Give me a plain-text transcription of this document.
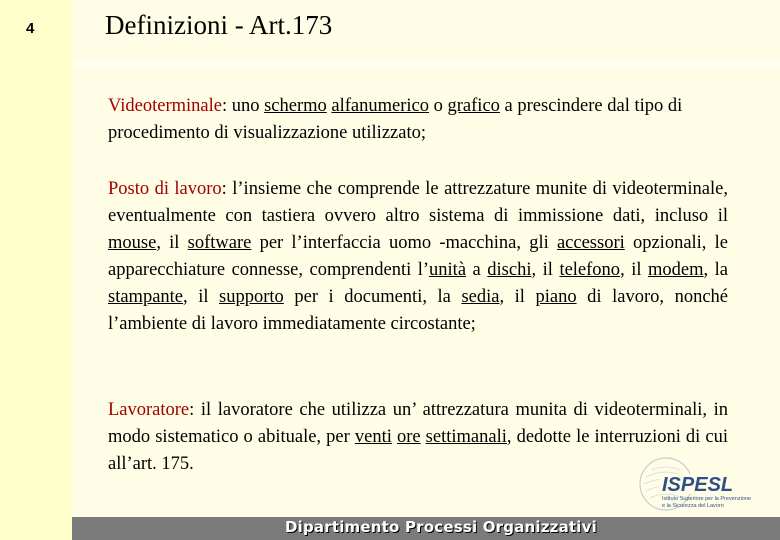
4	Definizioni - Art.173
Videoterminale: uno schermo alfanumerico o grafico a prescindere dal tipo di procedimento di visualizzazione utilizzato;
Posto di lavoro: l’insieme che comprende le attrezzature munite di videoterminale, eventualmente con tastiera ovvero altro sistema di immissione dati, incluso il mouse, il software per l’interfaccia uomo -macchina, gli accessori opzionali, le apparecchiature connesse, comprendenti l’unità a dischi, il telefono, il modem, la stampante, il supporto per i documenti, la sedia, il piano di lavoro, nonché l’ambiente di lavoro immediatamente circostante;
Lavoratore: il lavoratore che utilizza un’ attrezzatura munita di videoterminali, in modo sistematico o abituale, per venti ore settimanali, dedotte le interruzioni di cui all’art. 175.
ISPESL
Istituto Superiore per la Prevenzione
e la Sicurezza del Lavoro
Dipartimento Processi Organizzativi
